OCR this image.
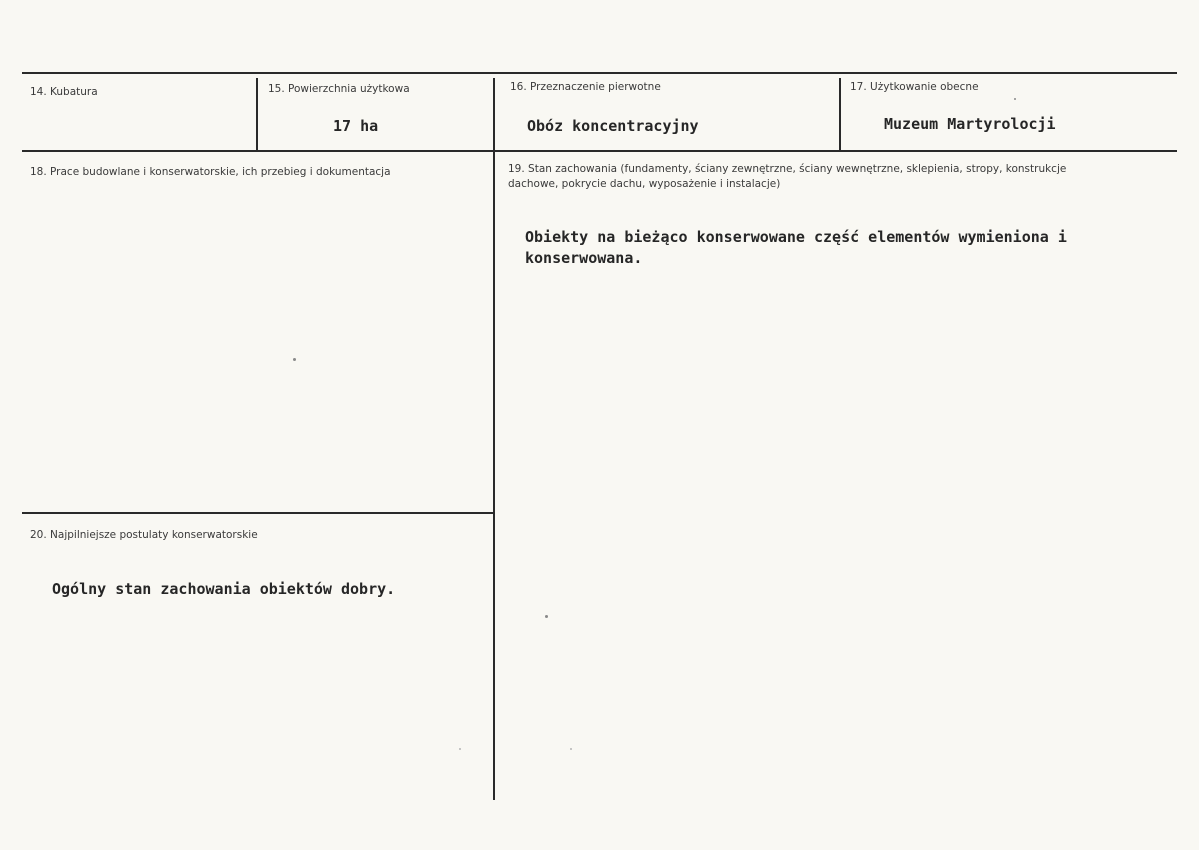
14. Kubatura	15. Powierzchnia użytkowa
17 ha
16. Przeznaczenie pierwotne
Obóz koncentracyjny
17. Użytkowanie obecne
Muzeum Martyrolocji
18. Prace budowlane i konserwatorskie, ich przebieg i dokumentacja	19. Stan zachowania (fundamenty, ściany zewnętrzne, ściany wewnętrzne, sklepienia, stropy, konstrukcje dachowe, pokrycie dachu, wyposażenie i instalacje)
Obiekty na bieżąco konserwowane część elementów wymieniona i konserwowana.
20. Najpilniejsze postulaty konserwatorskie
Ogólny stan zachowania obiektów dobry.
